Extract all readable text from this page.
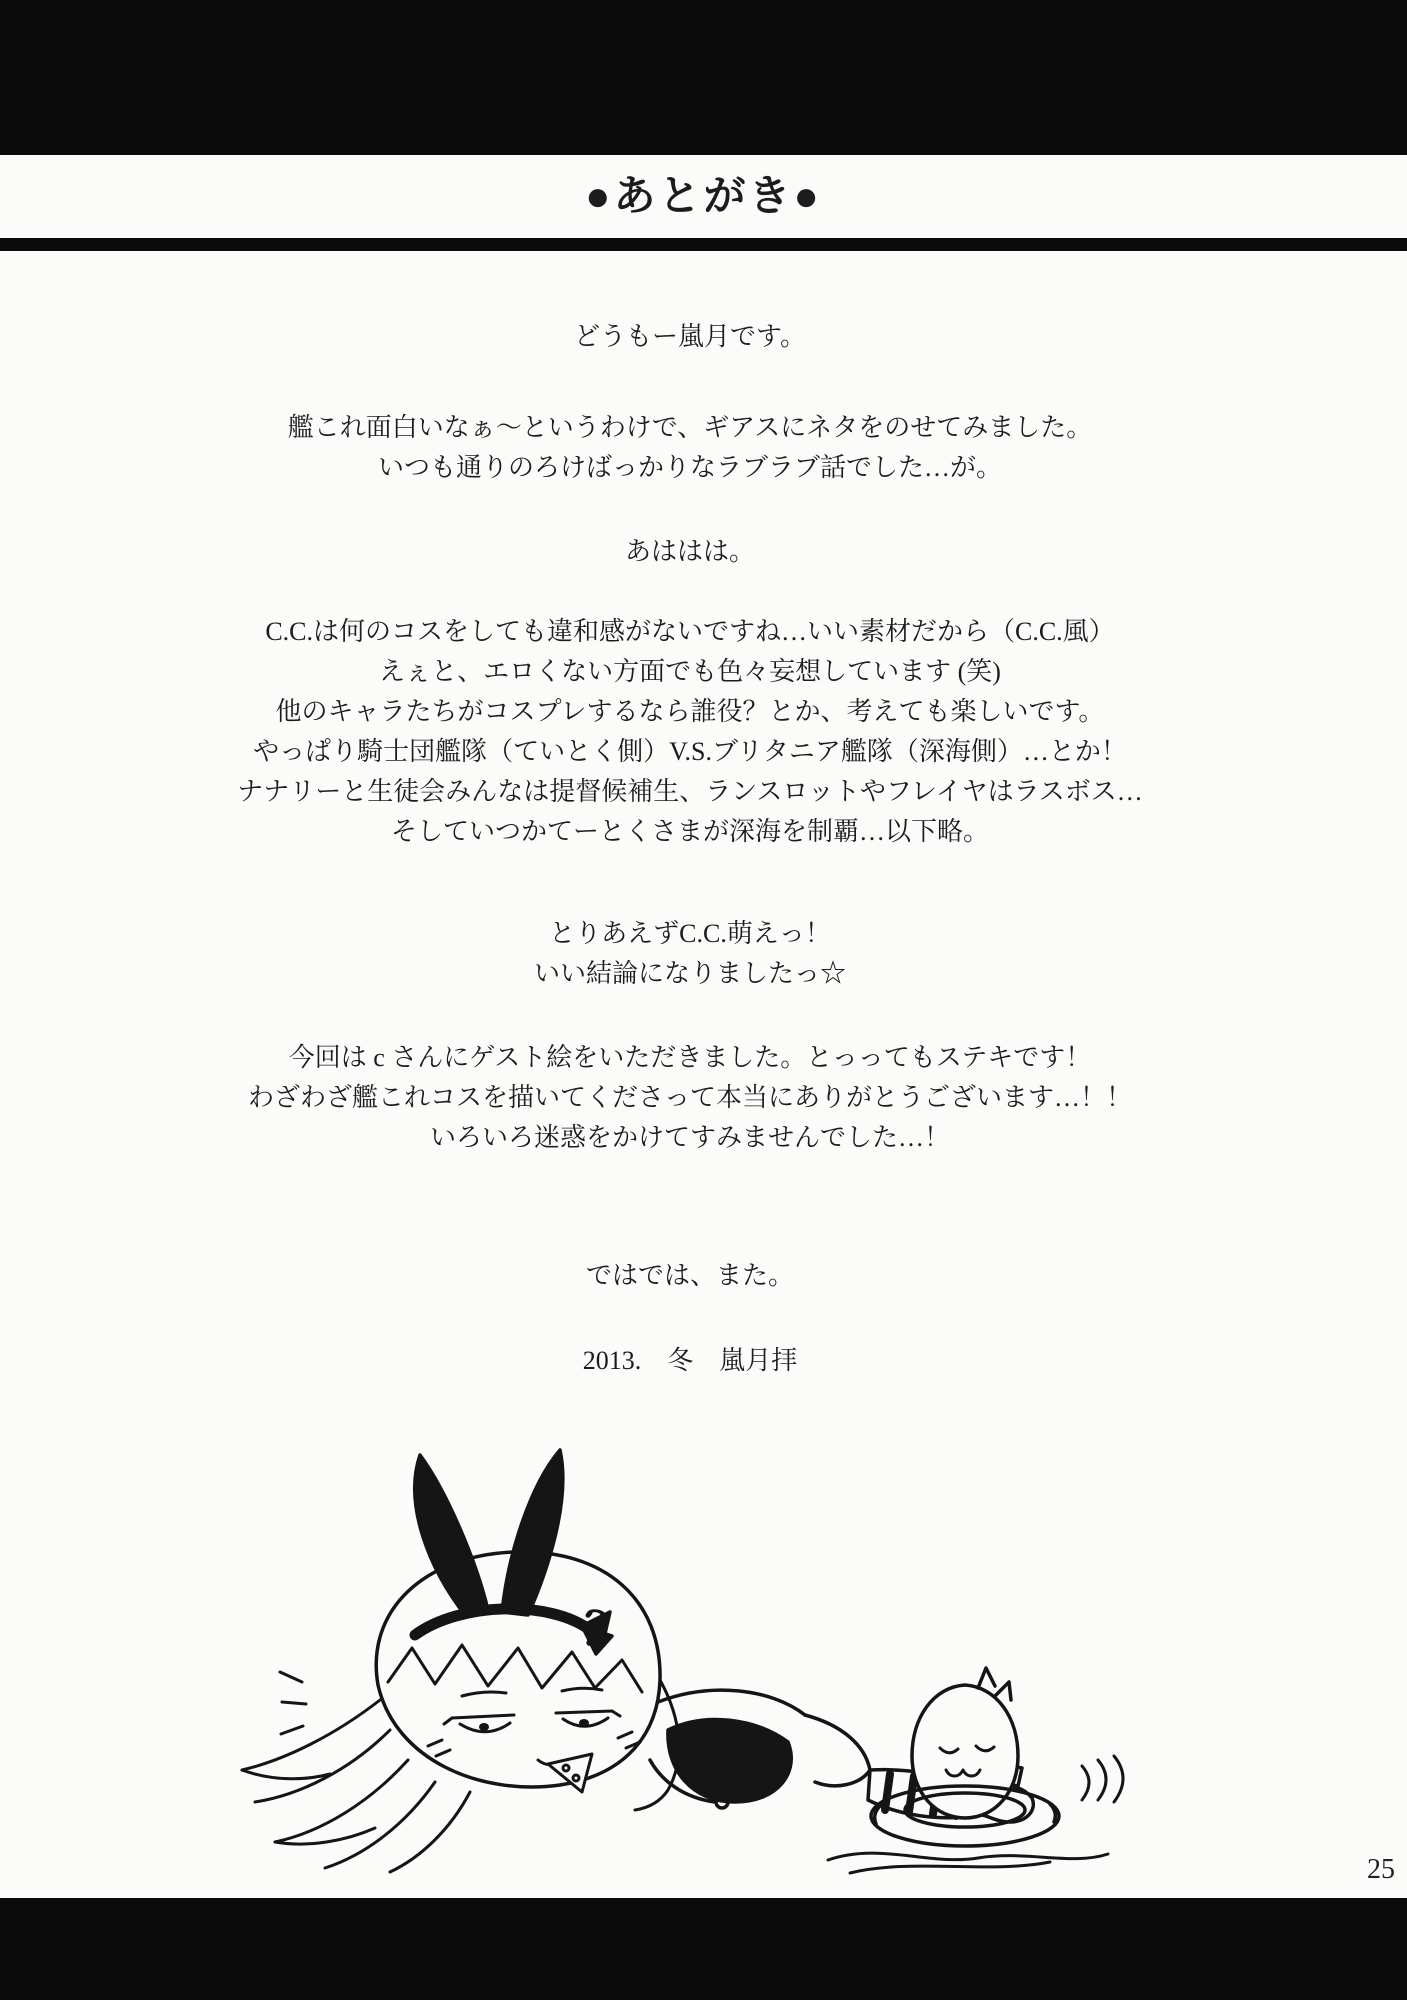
●あとがき●

どうもー嵐月です。

艦これ面白いなぁ～というわけで、ギアスにネタをのせてみました。

いつも通りのろけばっかりなラブラブ話でした…が。

あははは。

C.C.は何のコスをしても違和感がないですね…いい素材だから（C.C.風）

えぇと、エロくない方面でも色々妄想しています (笑)

他のキャラたちがコスプレするなら誰役？とか、考えても楽しいです。

やっぱり騎士団艦隊（ていとく側）V.S.ブリタニア艦隊（深海側）…とか！

ナナリーと生徒会みんなは提督候補生、ランスロットやフレイヤはラスボス…

そしていつかてーとくさまが深海を制覇…以下略。

とりあえずC.C.萌えっ！

いい結論になりましたっ☆

今回は c さんにゲスト絵をいただきました。とっってもステキです！

わざわざ艦これコスを描いてくださって本当にありがとうございます…！！

いろいろ迷惑をかけてすみませんでした…！

ではでは、また。

2013.　冬　嵐月拝

？
25
